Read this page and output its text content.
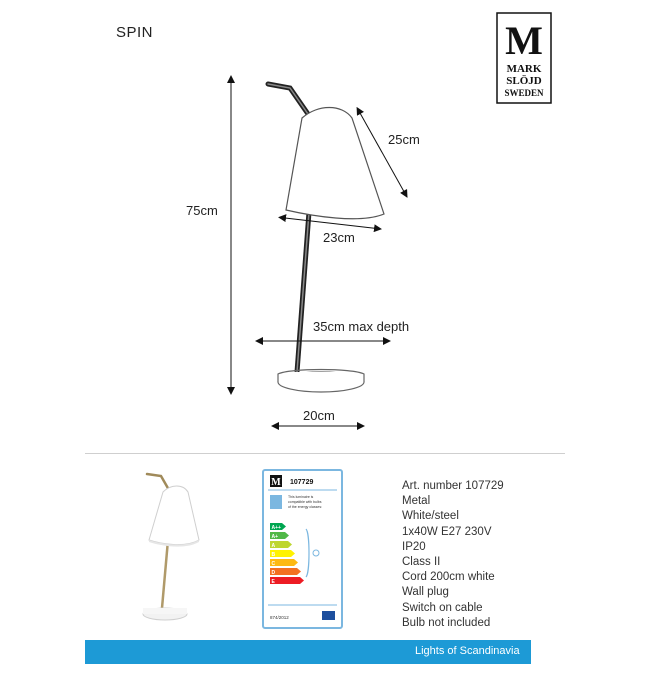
SPIN	M
MARK
SLÖJD
SWEDEN
75cm
25cm
23cm
35cm max depth
20cm
M 107729
This luminaire is
compatible with bulbs
of the energy classes:
A++
A+
A
B
C
D
E
874/2012
Art. number 107729
Metal
White/steel
1x40W E27 230V
IP20
Class II
Cord 200cm white
Wall plug
Switch on cable
Bulb not included
Lights of Scandinavia
